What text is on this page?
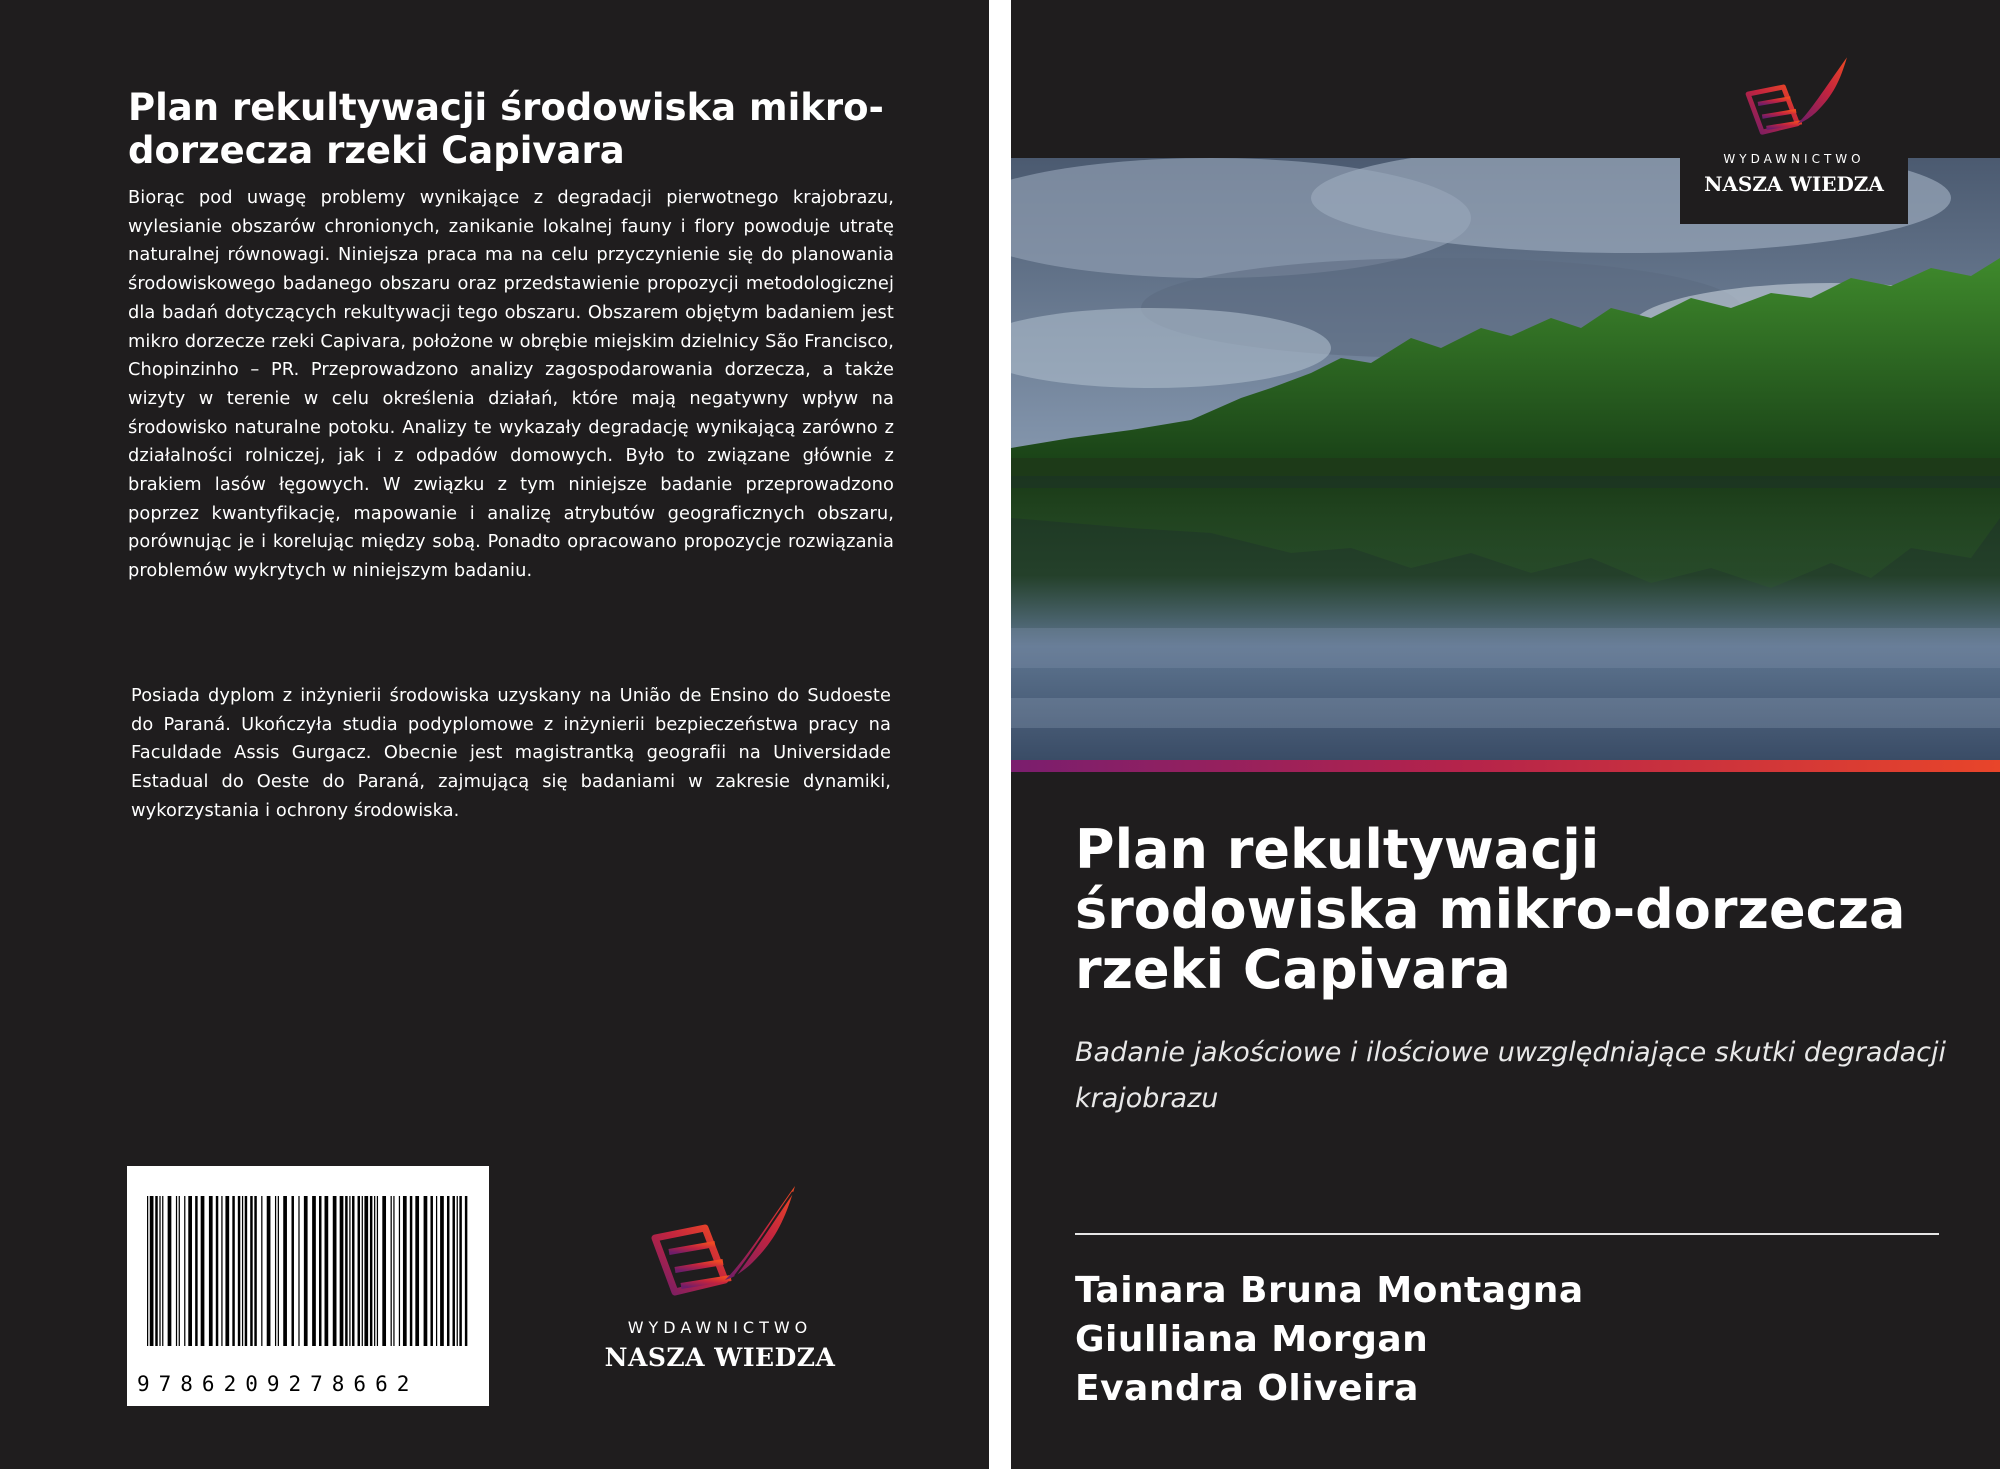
Plan rekultywacji środowiska mikro-dorzecza rzeki Capivara

Biorąc pod uwagę problemy wynikające z degradacji pierwotnego krajobrazu, wylesianie obszarów chronionych, zanikanie lokalnej fauny i flory powoduje utratę naturalnej równowagi. Niniejsza praca ma na celu przyczynienie się do planowania środowiskowego badanego obszaru oraz przedstawienie propozycji metodologicznej dla badań dotyczących rekultywacji tego obszaru. Obszarem objętym badaniem jest mikro dorzecze rzeki Capivara, położone w obrębie miejskim dzielnicy São Francisco, Chopinzinho – PR. Przeprowadzono analizy zagospodarowania dorzecza, a także wizyty w terenie w celu określenia działań, które mają negatywny wpływ na środowisko naturalne potoku. Analizy te wykazały degradację wynikającą zarówno z działalności rolniczej, jak i z odpadów domowych. Było to związane głównie z brakiem lasów łęgowych. W związku z tym niniejsze badanie przeprowadzono poprzez kwantyfikację, mapowanie i analizę atrybutów geograficznych obszaru, porównując je i korelując między sobą. Ponadto opracowano propozycje rozwiązania problemów wykrytych w niniejszym badaniu.

Posiada dyplom z inżynierii środowiska uzyskany na União de Ensino do Sudoeste do Paraná. Ukończyła studia podyplomowe z inżynierii bezpieczeństwa pracy na Faculdade Assis Gurgacz. Obecnie jest magistrantką geografii na Universidade Estadual do Oeste do Paraná, zajmującą się badaniami w zakresie dynamiki, wykorzystania i ochrony środowiska.

9786209278662
WYDAWNICTWO
NASZA WIEDZA
WYDAWNICTWO
NASZA WIEDZA
Plan rekultywacji środowiska mikro-dorzecza rzeki Capivara
Badanie jakościowe i ilościowe uwzględniające skutki degradacji krajobrazu
Tainara Bruna Montagna
Giulliana Morgan
Evandra Oliveira
